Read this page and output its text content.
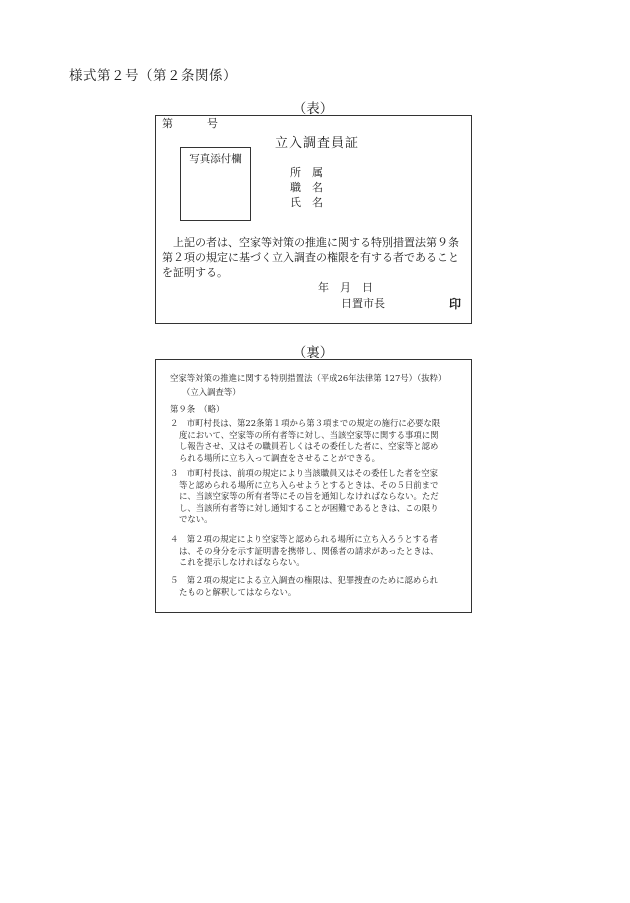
様式第２号（第２条関係）
（表）
第	号
立入調査員証
写真添付欄
所　属
職　名
氏　名
上記の者は、空家等対策の推進に関する特別措置法第９条
第２項の規定に基づく立入調査の権限を有する者であること
を証明する。
年　月　日
日置市長	印
（裏）
空家等対策の推進に関する特別措置法（平成26年法律第 127号）（抜粋）
（立入調査等）
第９条　（略）
２　市町村長は、第22条第１項から第３項までの規定の施行に必要な限
度において、空家等の所有者等に対し、当該空家等に関する事項に関
し報告させ、又はその職員若しくはその委任した者に、空家等と認め
られる場所に立ち入って調査をさせることができる。
３　市町村長は、前項の規定により当該職員又はその委任した者を空家
等と認められる場所に立ち入らせようとするときは、その５日前まで
に、当該空家等の所有者等にその旨を通知しなければならない。ただ
し、当該所有者等に対し通知することが困難であるときは、この限り
でない。
４　第２項の規定により空家等と認められる場所に立ち入ろうとする者
は、その身分を示す証明書を携帯し、関係者の請求があったときは、
これを提示しなければならない。
５　第２項の規定による立入調査の権限は、犯罪捜査のために認められ
たものと解釈してはならない。
